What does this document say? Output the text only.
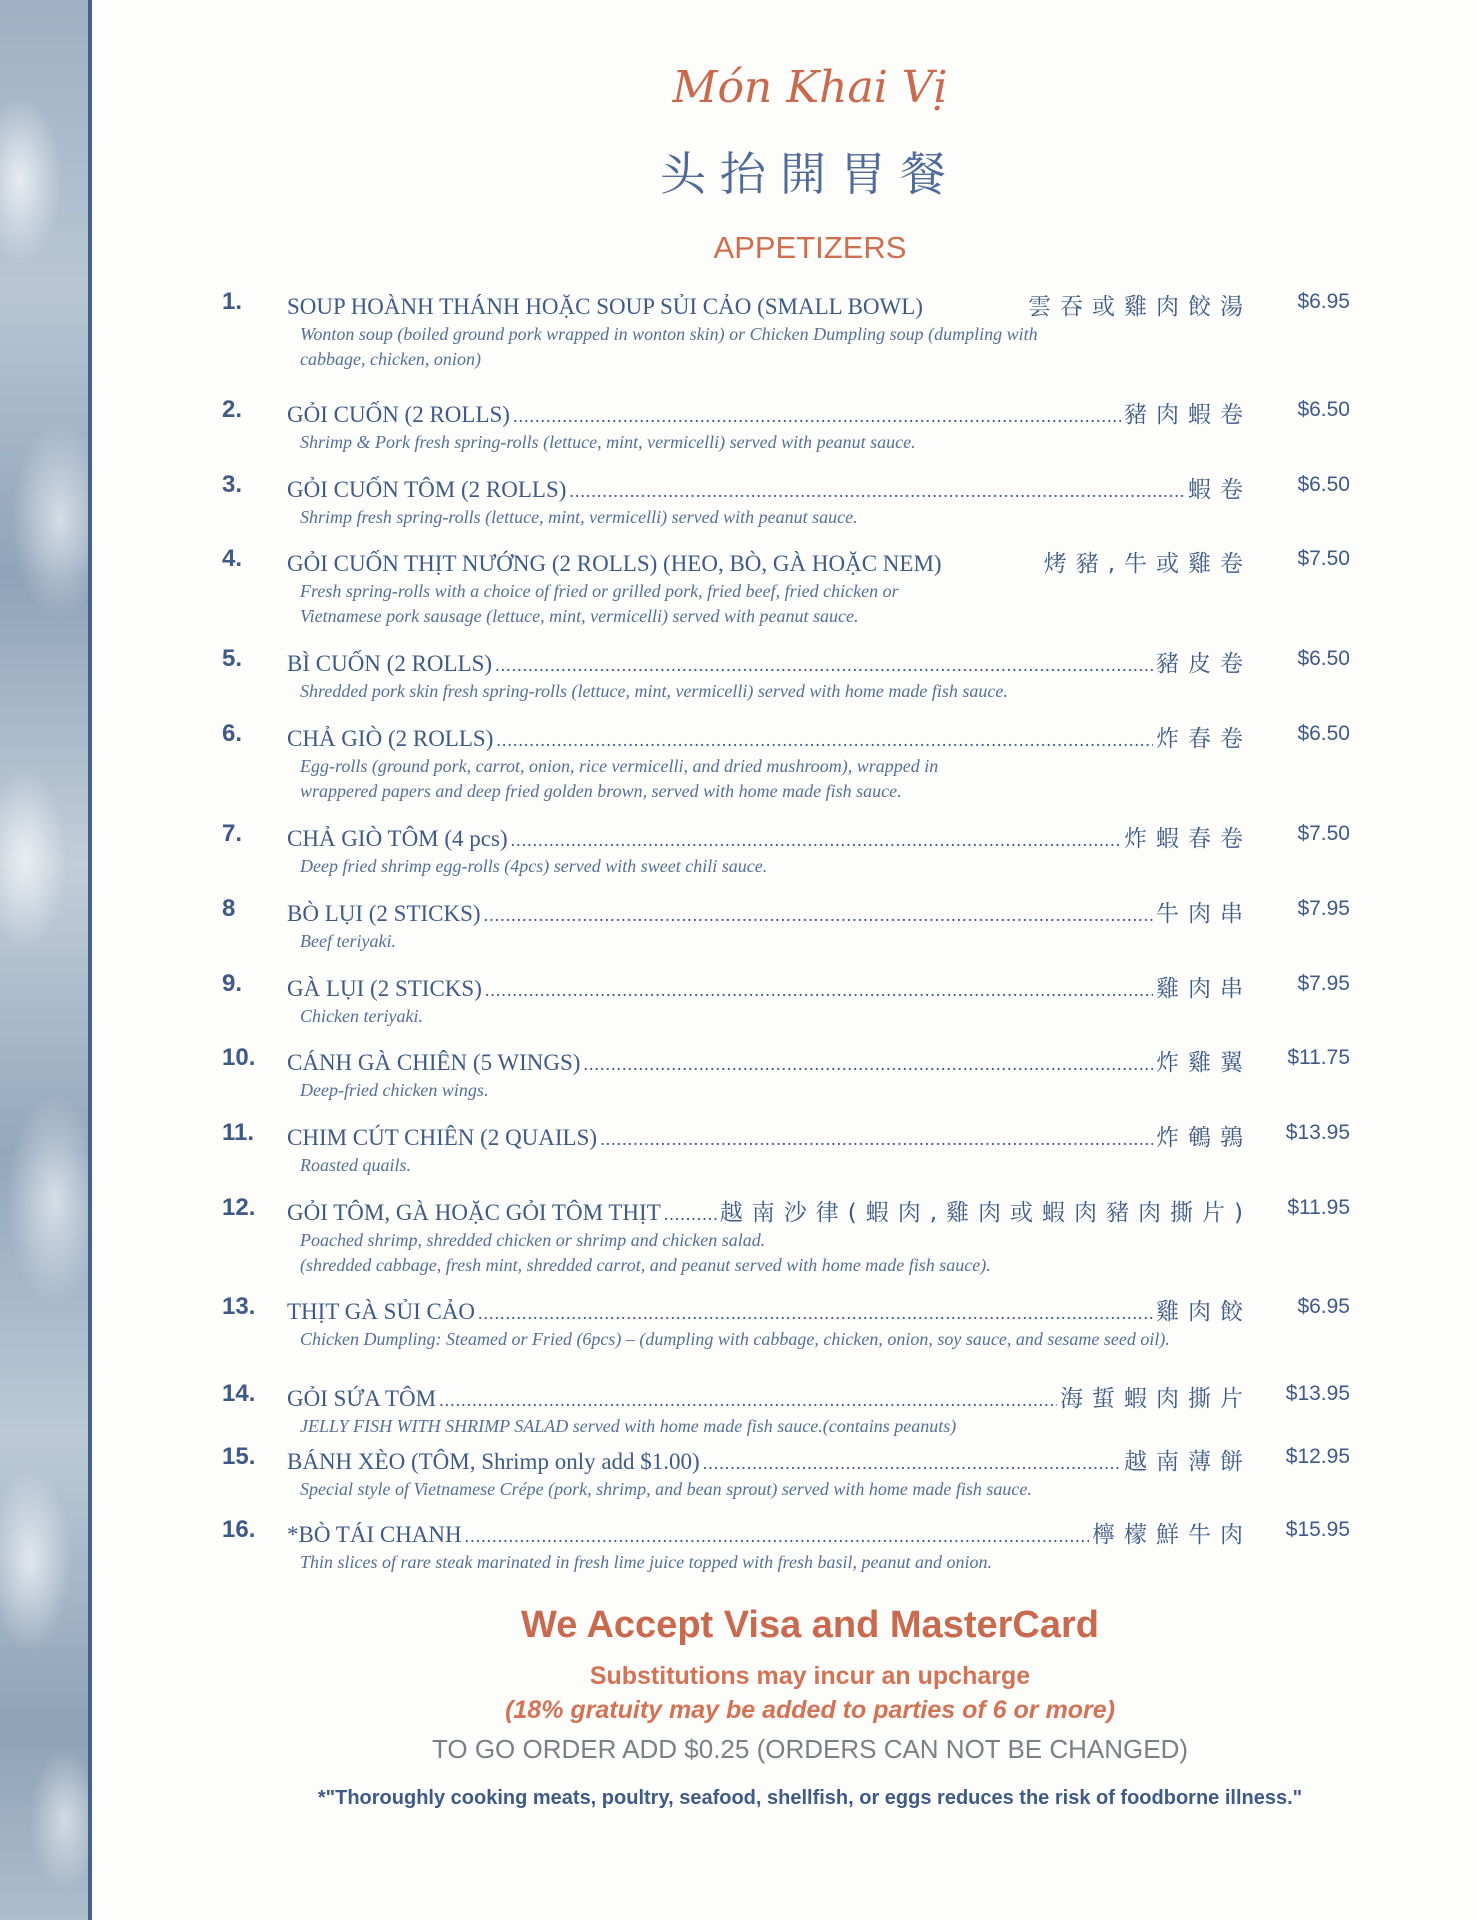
Món Khai Vị
头抬開胃餐
APPETIZERS
1. SOUP HOÀNH THÁNH HOẶC SOUP SỦI CẢO (SMALL BOWL)	雲吞或雞肉餃湯	$6.95
Wonton soup (boiled ground pork wrapped in wonton skin) or Chicken Dumpling soup (dumpling with
cabbage, chicken, onion)
2. GỎI CUỐN (2 ROLLS) .....	豬肉蝦卷	$6.50
Shrimp & Pork fresh spring-rolls (lettuce, mint, vermicelli) served with peanut sauce.
3. GỎI CUỐN TÔM (2 ROLLS) .....	蝦卷	$6.50
Shrimp fresh spring-rolls (lettuce, mint, vermicelli) served with peanut sauce.
4. GỎI CUỐN THỊT NƯỚNG (2 ROLLS) (HEO, BÒ, GÀ HOẶC NEM)	烤豬,牛或雞卷	$7.50
Fresh spring-rolls with a choice of fried or grilled pork, fried beef, fried chicken or
Vietnamese pork sausage (lettuce, mint, vermicelli) served with peanut sauce.
5. BÌ CUỐN (2 ROLLS) .....	豬皮卷	$6.50
Shredded pork skin fresh spring-rolls (lettuce, mint, vermicelli) served with home made fish sauce.
6. CHẢ GIÒ (2 ROLLS) .....	炸春卷	$6.50
Egg-rolls (ground pork, carrot, onion, rice vermicelli, and dried mushroom), wrapped in
wrappered papers and deep fried golden brown, served with home made fish sauce.
7. CHẢ GIÒ TÔM (4 pcs) .....	炸蝦春卷	$7.50
Deep fried shrimp egg-rolls (4pcs) served with sweet chili sauce.
8 BÒ LỤI (2 STICKS) .....	牛肉串	$7.95
Beef teriyaki.
9. GÀ LỤI (2 STICKS) .....	雞肉串	$7.95
Chicken teriyaki.
10. CÁNH GÀ CHIÊN (5 WINGS) .....	炸雞翼	$11.75
Deep-fried chicken wings.
11. CHIM CÚT CHIÊN (2 QUAILS) .....	炸鵪鶉	$13.95
Roasted quails.
12. GỎI TÔM, GÀ HOẶC GỎI TÔM THỊT .....	越南沙律(蝦肉,雞肉或蝦肉豬肉撕片)	$11.95
Poached shrimp, shredded chicken or shrimp and chicken salad.
(shredded cabbage, fresh mint, shredded carrot, and peanut served with home made fish sauce).
13. THỊT GÀ SỦI CẢO .....	雞肉餃	$6.95
Chicken Dumpling: Steamed or Fried (6pcs) – (dumpling with cabbage, chicken, onion, soy sauce, and sesame seed oil).
14. GỎI SỨA TÔM .....	海蜇蝦肉撕片	$13.95
JELLY FISH WITH SHRIMP SALAD served with home made fish sauce.(contains peanuts)
15. BÁNH XÈO (TÔM, Shrimp only add $1.00) .....	越南薄餅	$12.95
Special style of Vietnamese Crépe (pork, shrimp, and bean sprout) served with home made fish sauce.
16. *BÒ TÁI CHANH .....	檸檬鮮牛肉	$15.95
Thin slices of rare steak marinated in fresh lime juice topped with fresh basil, peanut and onion.
We Accept Visa and MasterCard
Substitutions may incur an upcharge
(18% gratuity may be added to parties of 6 or more)
TO GO ORDER ADD $0.25 (ORDERS CAN NOT BE CHANGED)
*"Thoroughly cooking meats, poultry, seafood, shellfish, or eggs reduces the risk of foodborne illness."
